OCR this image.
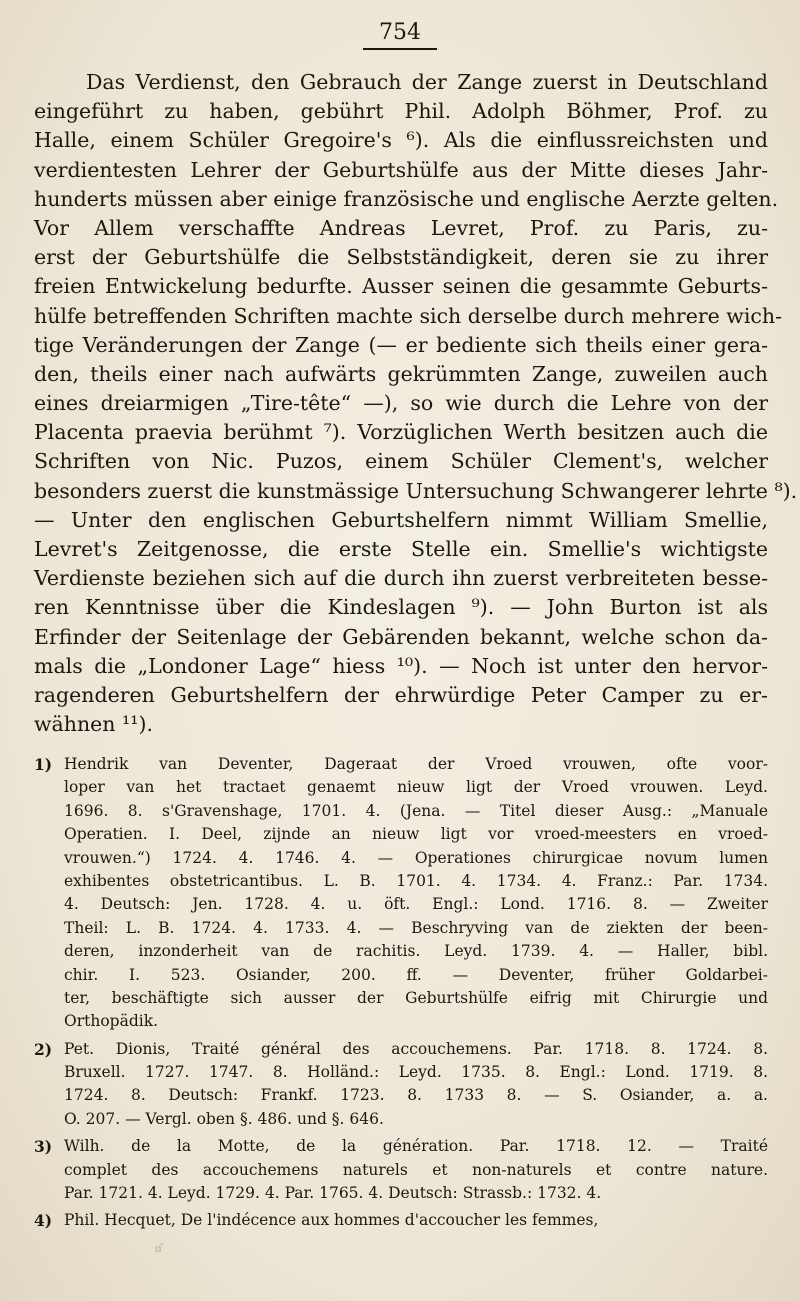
754
Das Verdienst, den Gebrauch der Zange zuerst in Deutschland
eingeführt zu haben, gebührt Phil. Adolph Böhmer, Prof. zu
Halle, einem Schüler Gregoire's ⁶). Als die einflussreichsten und
verdientesten Lehrer der Geburtshülfe aus der Mitte dieses Jahr-
hunderts müssen aber einige französische und englische Aerzte gelten.
Vor Allem verschaffte Andreas Levret, Prof. zu Paris, zu-
erst der Geburtshülfe die Selbstständigkeit, deren sie zu ihrer
freien Entwickelung bedurfte. Ausser seinen die gesammte Geburts-
hülfe betreffenden Schriften machte sich derselbe durch mehrere wich-
tige Veränderungen der Zange (— er bediente sich theils einer gera-
den, theils einer nach aufwärts gekrümmten Zange, zuweilen auch
eines dreiarmigen „Tire-tête“ —), so wie durch die Lehre von der
Placenta praevia berühmt ⁷). Vorzüglichen Werth besitzen auch die
Schriften von Nic. Puzos, einem Schüler Clement's, welcher
besonders zuerst die kunstmässige Untersuchung Schwangerer lehrte ⁸).
— Unter den englischen Geburtshelfern nimmt William Smellie,
Levret's Zeitgenosse, die erste Stelle ein. Smellie's wichtigste
Verdienste beziehen sich auf die durch ihn zuerst verbreiteten besse-
ren Kenntnisse über die Kindeslagen ⁹). — John Burton ist als
Erfinder der Seitenlage der Gebärenden bekannt, welche schon da-
mals die „Londoner Lage“ hiess ¹⁰). — Noch ist unter den hervor-
ragenderen Geburtshelfern der ehrwürdige Peter Camper zu er-
wähnen ¹¹).
1) Hendrik van Deventer, Dageraat der Vroed vrouwen, ofte voor-
loper van het tractaet genaemt nieuw ligt der Vroed vrouwen. Leyd.
1696. 8. s'Gravenshage, 1701. 4. (Jena. — Titel dieser Ausg.: „Manuale
Operatien. I. Deel, zijnde an nieuw ligt vor vroed-meesters en vroed-
vrouwen.“) 1724. 4. 1746. 4. — Operationes chirurgicae novum lumen
exhibentes obstetricantibus. L. B. 1701. 4. 1734. 4. Franz.: Par. 1734.
4. Deutsch: Jen. 1728. 4. u. öft. Engl.: Lond. 1716. 8. — Zweiter
Theil: L. B. 1724. 4. 1733. 4. — Beschryving van de ziekten der been-
deren, inzonderheit van de rachitis. Leyd. 1739. 4. — Haller, bibl.
chir. I. 523. Osiander, 200. ff. — Deventer, früher Goldarbei-
ter, beschäftigte sich ausser der Geburtshülfe eifrig mit Chirurgie und
Orthopädik.
2) Pet. Dionis, Traité général des accouchemens. Par. 1718. 8. 1724. 8.
Bruxell. 1727. 1747. 8. Holländ.: Leyd. 1735. 8. Engl.: Lond. 1719. 8.
1724. 8. Deutsch: Frankf. 1723. 8. 1733 8. — S. Osiander, a. a.
O. 207. — Vergl. oben §. 486. und §. 646.
3) Wilh. de la Motte, de la génération. Par. 1718. 12. — Traité
complet des accouchemens naturels et non-naturels et contre nature.
Par. 1721. 4. Leyd. 1729. 4. Par. 1765. 4. Deutsch: Strassb.: 1732. 4.
4) Phil. Hecquet, De l'indécence aux hommes d'accoucher les femmes,
ɑ͂
